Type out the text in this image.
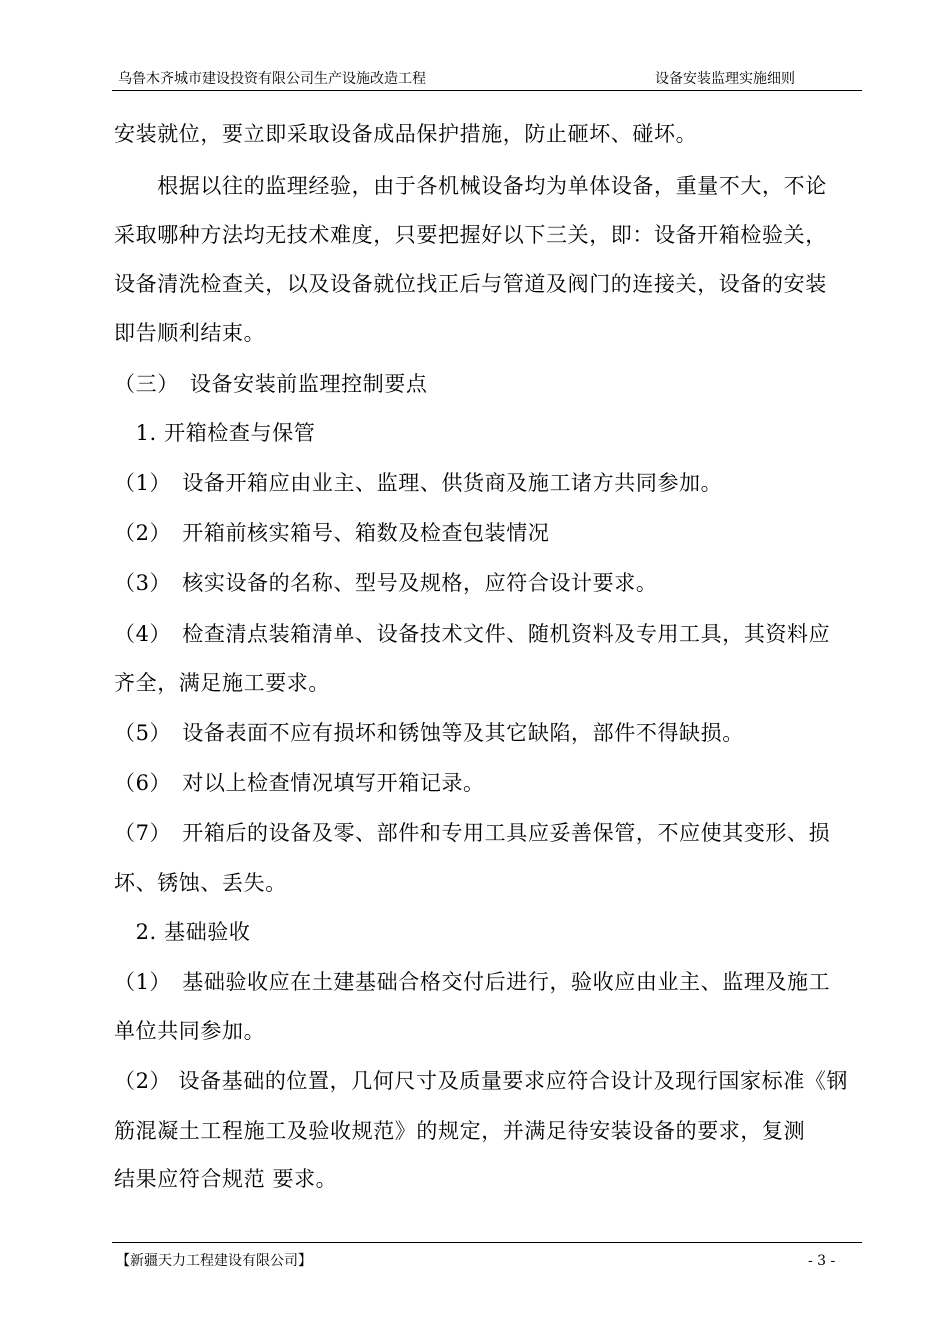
乌鲁木齐城市建设投资有限公司生产设施改造工程	设备安装监理实施细则
安装就位，要立即采取设备成品保护措施，防止砸坏、碰坏。
　　根据以往的监理经验，由于各机械设备均为单体设备，重量不大，不论
采取哪种方法均无技术难度，只要把握好以下三关，即：设备开箱检验关，
设备清洗检查关，以及设备就位找正后与管道及阀门的连接关，设备的安装
即告顺利结束。
（三）　设备安装前监理控制要点
　1. 开箱检查与保管
（1）　设备开箱应由业主、监理、供货商及施工诸方共同参加。
（2）　开箱前核实箱号、箱数及检查包装情况
（3）　核实设备的名称、型号及规格，应符合设计要求。
（4）　检查清点装箱清单、设备技术文件、随机资料及专用工具，其资料应
齐全，满足施工要求。
（5）　设备表面不应有损坏和锈蚀等及其它缺陷，部件不得缺损。
（6）　对以上检查情况填写开箱记录。
（7）　开箱后的设备及零、部件和专用工具应妥善保管，不应使其变形、损
坏、锈蚀、丢失。
　2. 基础验收
（1）　基础验收应在土建基础合格交付后进行，验收应由业主、监理及施工
单位共同参加。
（2） 设备基础的位置，几何尺寸及质量要求应符合设计及现行国家标准《钢
筋混凝土工程施工及验收规范》的规定，并满足待安装设备的要求，复测
结果应符合规范 要求。
【新疆天力工程建设有限公司】	- 3 -
